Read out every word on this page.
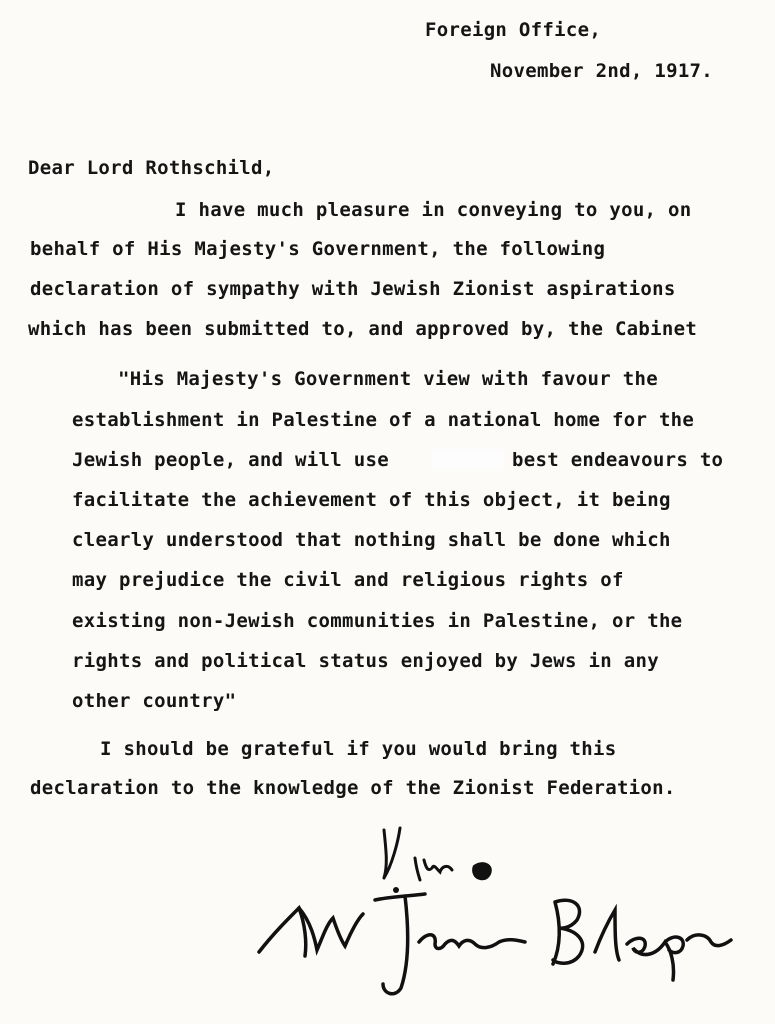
Foreign Office,
November 2nd, 1917.
Dear Lord Rothschild,
I have much pleasure in conveying to you, on
behalf of His Majesty's Government, the following
declaration of sympathy with Jewish Zionist aspirations
which has been submitted to, and approved by, the Cabinet
"His Majesty's Government view with favour the
establishment in Palestine of a national home for the
Jewish people, and will use	best endeavours to
facilitate the achievement of this object, it being
clearly understood that nothing shall be done which
may prejudice the civil and religious rights of
existing non-Jewish communities in Palestine, or the
rights and political status enjoyed by Jews in any
other country"
I should be grateful if you would bring this
declaration to the knowledge of the Zionist Federation.
